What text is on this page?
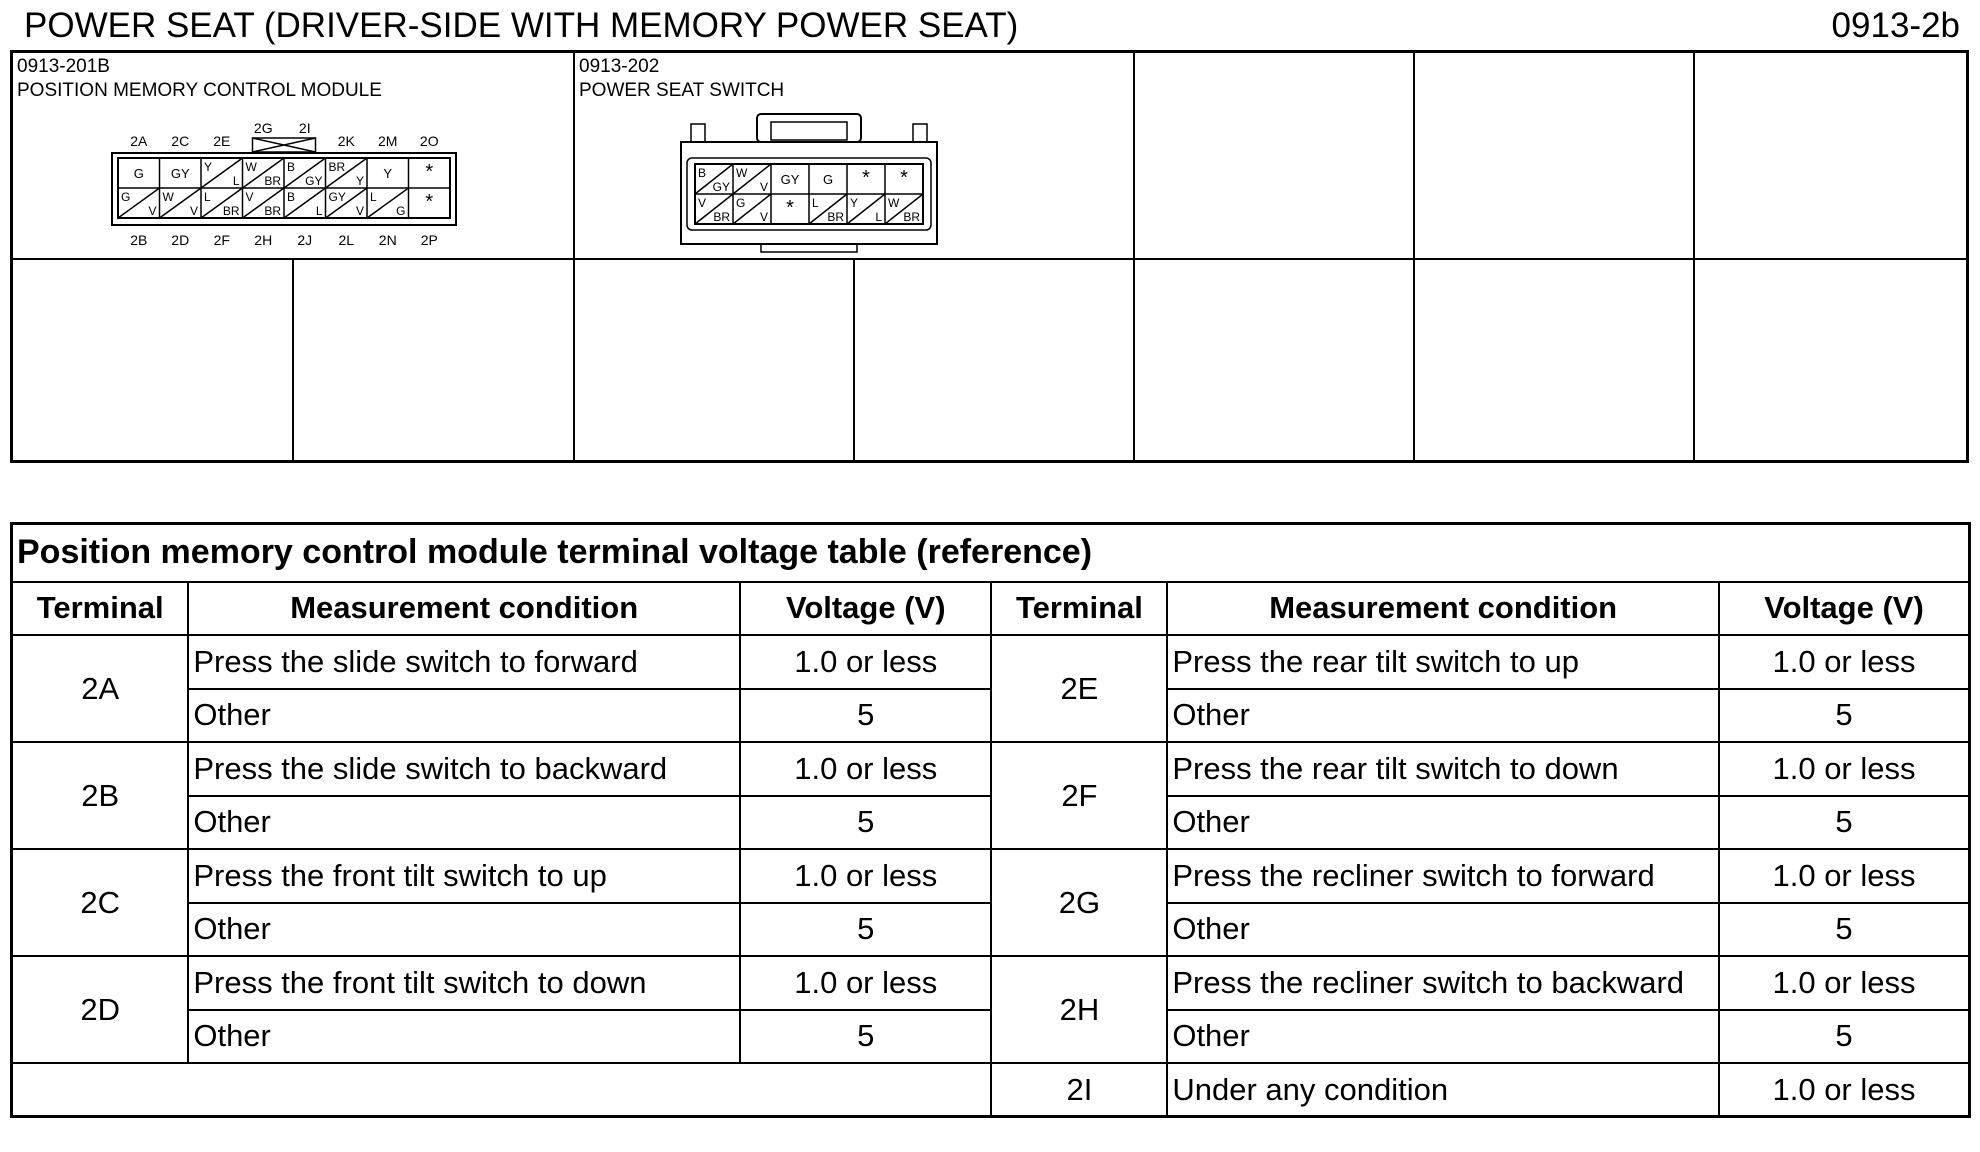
POWER SEAT (DRIVER-SIDE WITH MEMORY POWER SEAT)	0913-2b
0913-201B
POSITION MEMORY CONTROL MODULE
G GY Y
L
W
BR
B
GY
BR
Y Y *
G
V
W
V
L
BR
V
BR
B
L
GY
V
L
G *
2A 2C 2E	2K 2M 2O
2G 2I
2B 2D 2F 2H 2J 2L 2N 2P
0913-202
POWER SEAT SWITCH
B
GY
W
V GY G * *
V
BR
G
V * L
BR
Y
L
W
BR
Position memory control module terminal voltage table (reference)					
Terminal	Measurement condition	Voltage (V)	Terminal	Measurement condition	Voltage (V)
2A	Press the slide switch to forward	1.0 or less	2E	Press the rear tilt switch to up	1.0 or less
	Other	5		Other	5
2B	Press the slide switch to backward	1.0 or less	2F	Press the rear tilt switch to down	1.0 or less
	Other	5		Other	5
2C	Press the front tilt switch to up	1.0 or less	2G	Press the recliner switch to forward	1.0 or less
	Other	5		Other	5
2D	Press the front tilt switch to down	1.0 or less	2H	Press the recliner switch to backward	1.0 or less
	Other	5		Other	5
			2I	Under any condition	1.0 or less
